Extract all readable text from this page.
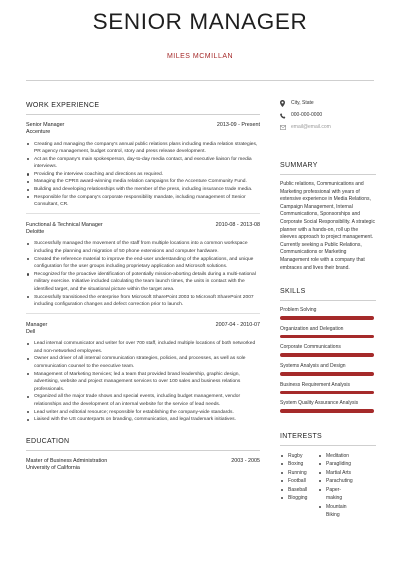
SENIOR MANAGER
MILES MCMILLAN
WORK EXPERIENCE
Senior Manager	2013-09 - Present
Accenture
Creating and managing the company's annual public relations plans including media relation strategies, PR agency management, budget control, story and press release development.
Act as the company's main spokesperson, day-to-day media contact, and executive liaison for media interviews.
Providing the interview coaching and directions as required.
Managing the CPRS award-winning media relation campaigns for the Accenture Community Fund.
Building and developing relationships with the member of the press, including insurance trade media.
Responsible for the company's corporate responsibility mandate, including management of Senior Consultant, CR.
Functional & Technical Manager	2010-08 - 2013-08
Deloitte
Successfully managed the movement of the staff from multiple locations into a common workspace including the planning and migration of 50 phone extensions and computer hardware.
Created the reference material to improve the end-user understanding of the applications, and unique configuration for the user groups including proprietary application and Microsoft solutions.
Recognized for the proactive identification of potentially mission-aborting details during a multi-national military exercise. Initiative included calculating the team launch times, the units in contact with the identified target, and the situational picture within the target area.
Successfully transitioned the enterprise from Microsoft SharePoint 2003 to Microsoft SharePoint 2007 including configuration changes and defect correction prior to launch.
Manager	2007-04 - 2010-07
Dell
Lead internal communicator and writer for over 700 staff, included multiple locations of both networked and non-networked employees.
Owner and driver of all internal communication strategies, policies, and processes, as well as sole communication counsel to the executive team.
Management of Marketing Services; led a team that provided brand leadership, graphic design, advertising, website and project management services to over 100 sales and business relations professionals.
Organized all the major trade shows and special events, including budget management, vendor relationships and the development of an internal website for the service of lead needs.
Lead writer and editorial resource; responsible for establishing the company-wide standards.
Liaised with the US counterparts on branding, communication, and legal trademark initiatives.
EDUCATION
Master of Business Administration	2003 - 2005
University of California
City, State
000-000-0000
email@email.com
SUMMARY
Public relations, Communications and Marketing professional with years of extensive experience in Media Relations, Campaign Management, Internal Communications, Sponsorships and Corporate Social Responsibility. A strategic planner with a hands-on, roll up the sleeves approach to project management. Currently seeking a Public Relations, Communications or Marketing Management role with a company that embraces and lives their brand.
SKILLS
Problem Solving
Organization and Delegation
Corporate Communications
Systems Analysis and Design
Business Requirement Analysis
System Quality Assurance Analysis
INTERESTS
Rugby
Boxing
Running
Football
Baseball
Blogging
Meditation
Paragliding
Martial Arts
Parachuting
Paper-making
Mountain Biking
